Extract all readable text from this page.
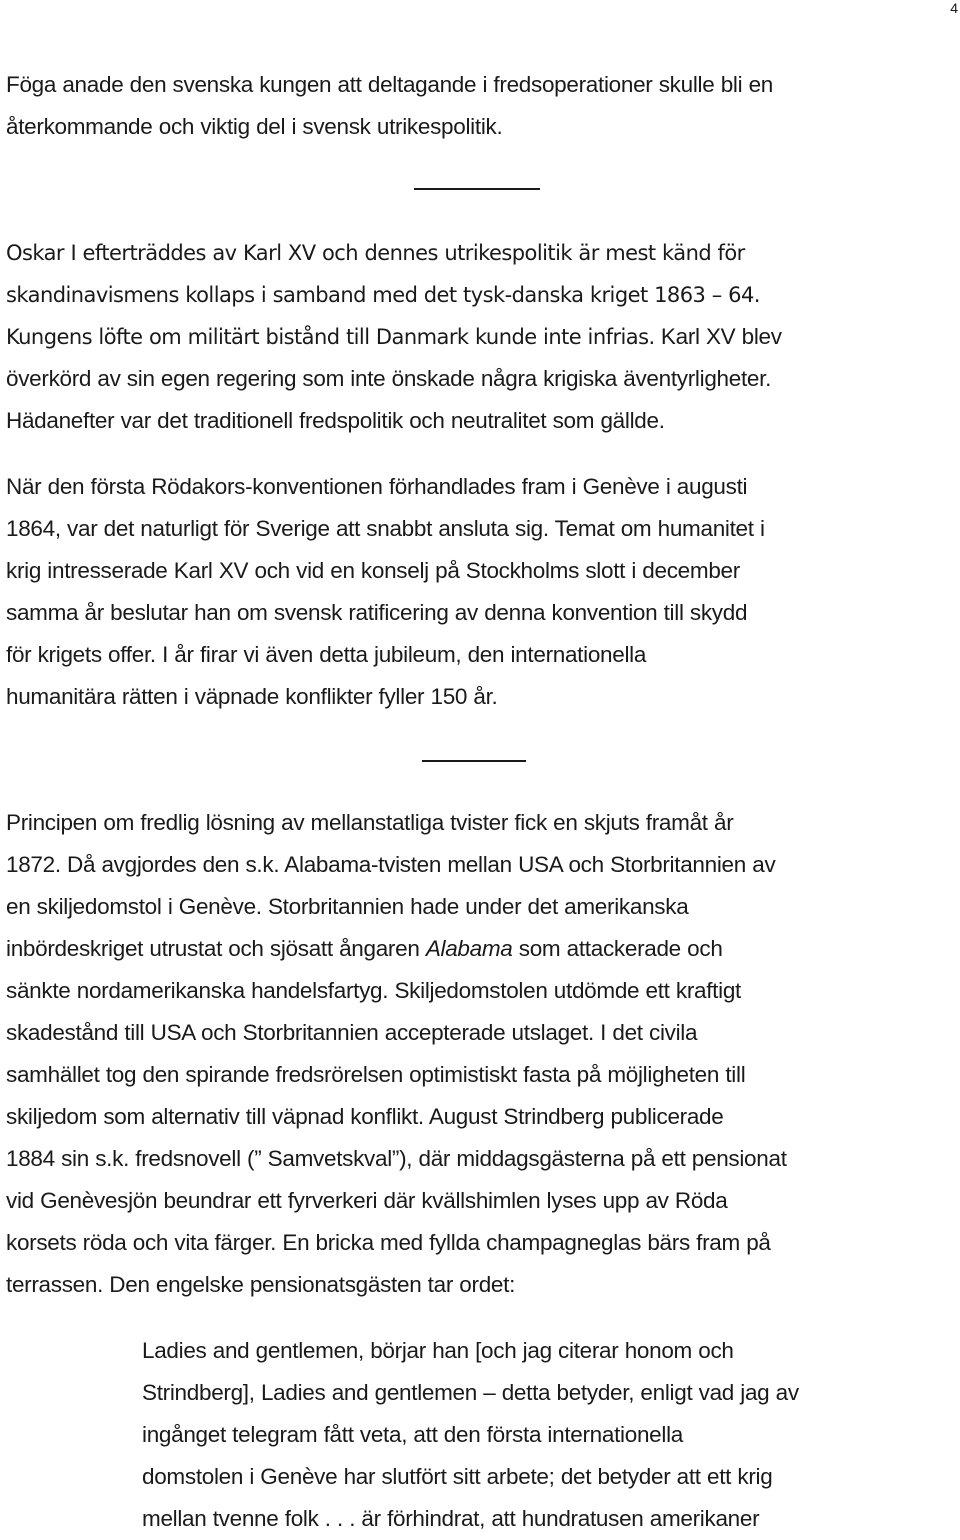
4

Föga anade den svenska kungen att deltagande i fredsoperationer skulle bli en

återkommande och viktig del i svensk utrikespolitik.

Oskar I efterträddes av Karl XV och dennes utrikespolitik är mest känd för

skandinavismens kollaps i samband med det tysk-danska kriget 1863 – 64.

Kungens löfte om militärt bistånd till Danmark kunde inte infrias. Karl XV blev

överkörd av sin egen regering som inte önskade några krigiska äventyrligheter.

Hädanefter var det traditionell fredspolitik och neutralitet som gällde.

När den första Rödakors-konventionen förhandlades fram i Genève i augusti

1864, var det naturligt för Sverige att snabbt ansluta sig. Temat om humanitet i

krig intresserade Karl XV och vid en konselj på Stockholms slott i december

samma år beslutar han om svensk ratificering av denna konvention till skydd

för krigets offer. I år firar vi även detta jubileum, den internationella

humanitära rätten i väpnade konflikter fyller 150 år.

Principen om fredlig lösning av mellanstatliga tvister fick en skjuts framåt år

1872. Då avgjordes den s.k. Alabama-tvisten mellan USA och Storbritannien av

en skiljedomstol i Genève. Storbritannien hade under det amerikanska

inbördeskriget utrustat och sjösatt ångaren Alabama som attackerade och

sänkte nordamerikanska handelsfartyg. Skiljedomstolen utdömde ett kraftigt

skadestånd till USA och Storbritannien accepterade utslaget. I det civila

samhället tog den spirande fredsrörelsen optimistiskt fasta på möjligheten till

skiljedom som alternativ till väpnad konflikt. August Strindberg publicerade

1884 sin s.k. fredsnovell (” Samvetskval”), där middagsgästerna på ett pensionat

vid Genèvesjön beundrar ett fyrverkeri där kvällshimlen lyses upp av Röda

korsets röda och vita färger. En bricka med fyllda champagneglas bärs fram på

terrassen. Den engelske pensionatsgästen tar ordet:

Ladies and gentlemen, börjar han [och jag citerar honom och

Strindberg], Ladies and gentlemen – detta betyder, enligt vad jag av

ingånget telegram fått veta, att den första internationella

domstolen i Genève har slutfört sitt arbete; det betyder att ett krig

mellan tvenne folk . . . är förhindrat, att hundratusen amerikaner
